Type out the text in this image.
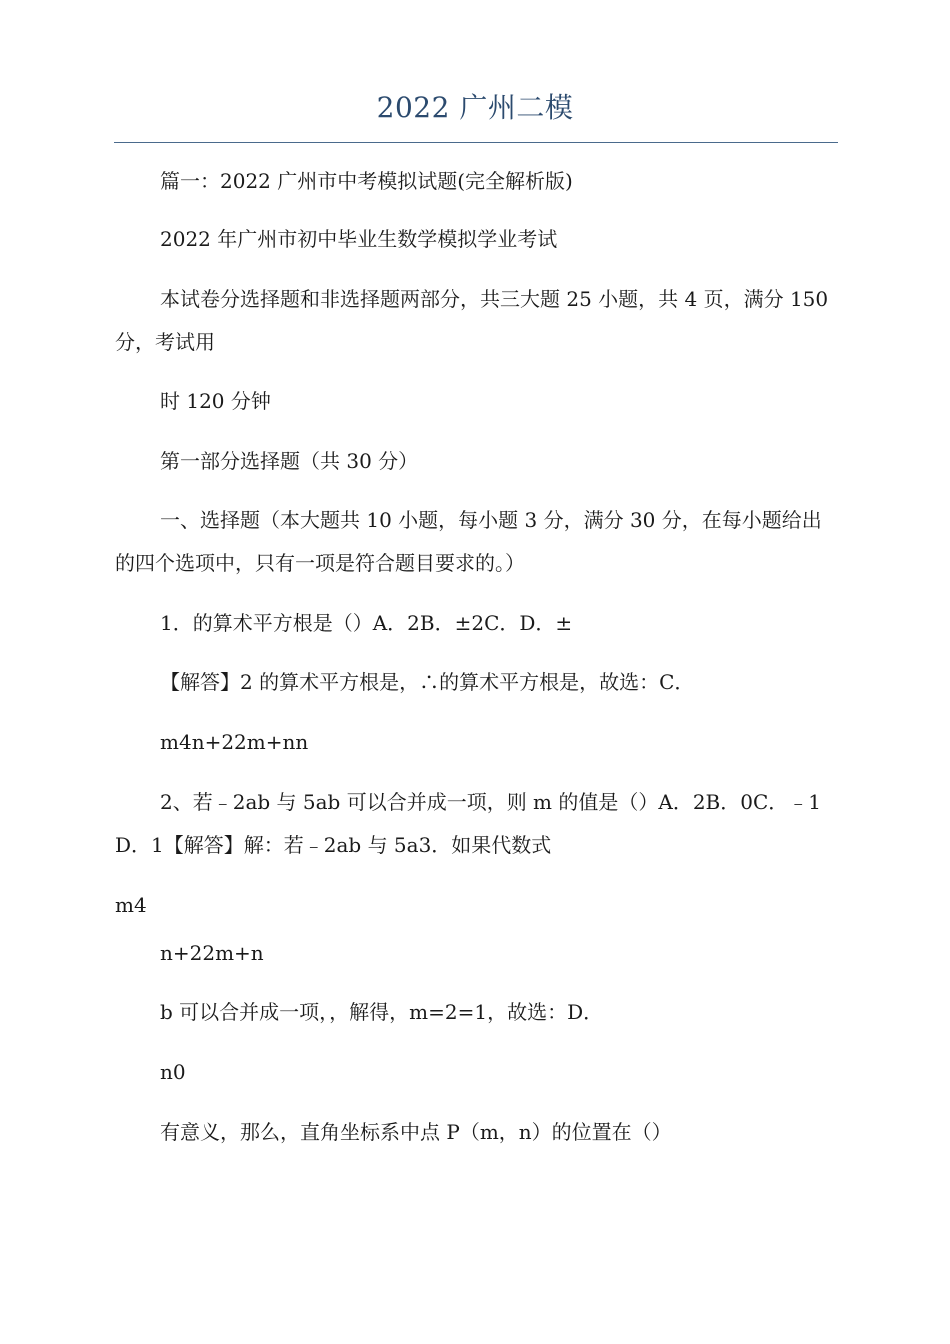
2022 广州二模

篇一：2022 广州市中考模拟试题(完全解析版)

2022 年广州市初中毕业生数学模拟学业考试

本试卷分选择题和非选择题两部分，共三大题 25 小题，共 4 页，满分 150 分，考试用

时 120 分钟

第一部分选择题（共 30 分）

一、选择题（本大题共 10 小题，每小题 3 分，满分 30 分，在每小题给出的四个选项中，只有一项是符合题目要求的。）

1．的算术平方根是（）A．2B．±2C．D．±

【解答】2 的算术平方根是，∴的算术平方根是，故选：C．

m4n+22m+nn

2、若﹣2ab 与 5ab 可以合并成一项，则 m 的值是（）A．2B．0C．﹣1D．1【解答】解：若﹣2ab 与 5a3．如果代数式

m4

n+22m+n

b 可以合并成一项，，解得，m=2=1，故选：D．

n0

有意义，那么，直角坐标系中点 P（m，n）的位置在（）
